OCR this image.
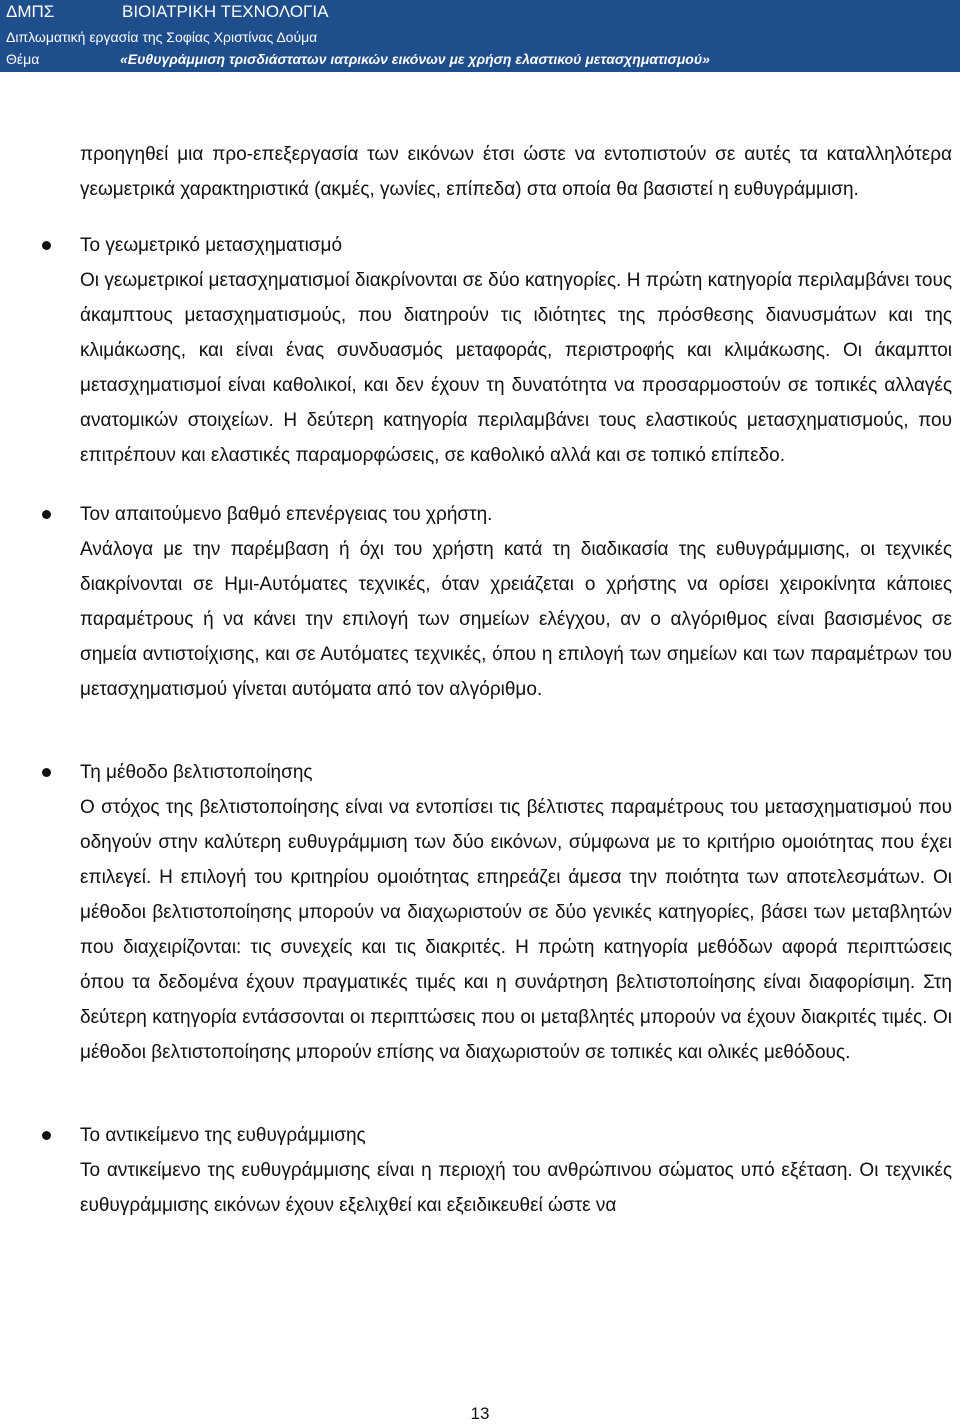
ΔΜΠΣ	ΒΙΟΙΑΤΡΙΚΗ ΤΕΧΝΟΛΟΓΙΑ
Διπλωματική εργασία της Σοφίας Χριστίνας Δούμα
Θέμα	«Ευθυγράμμιση τρισδιάστατων ιατρικών εικόνων με χρήση ελαστικού μετασχηματισμού»

προηγηθεί μια προ-επεξεργασία των εικόνων έτσι ώστε να εντοπιστούν σε αυτές τα καταλληλότερα γεωμετρικά χαρακτηριστικά (ακμές, γωνίες, επίπεδα) στα οποία θα βασιστεί η ευθυγράμμιση.

Το γεωμετρικό μετασχηματισμό

Οι γεωμετρικοί μετασχηματισμοί διακρίνονται σε δύο κατηγορίες. Η πρώτη κατηγορία περιλαμβάνει τους άκαμπτους μετασχηματισμούς, που διατηρούν τις ιδιότητες της πρόσθεσης διανυσμάτων και της κλιμάκωσης, και είναι ένας συνδυασμός μεταφοράς, περιστροφής και κλιμάκωσης. Οι άκαμπτοι μετασχηματισμοί είναι καθολικοί, και δεν έχουν τη δυνατότητα να προσαρμοστούν σε τοπικές αλλαγές ανατομικών στοιχείων. Η δεύτερη κατηγορία περιλαμβάνει τους ελαστικούς μετασχηματισμούς, που επιτρέπουν και ελαστικές παραμορφώσεις, σε καθολικό αλλά και σε τοπικό επίπεδο.

Τον απαιτούμενο βαθμό επενέργειας του χρήστη.

Ανάλογα με την παρέμβαση ή όχι του χρήστη κατά τη διαδικασία της ευθυγράμμισης, οι τεχνικές διακρίνονται σε Ημι-Αυτόματες τεχνικές, όταν χρειάζεται ο χρήστης να ορίσει χειροκίνητα κάποιες παραμέτρους ή να κάνει την επιλογή των σημείων ελέγχου, αν ο αλγόριθμος είναι βασισμένος σε σημεία αντιστοίχισης, και σε Αυτόματες τεχνικές, όπου η επιλογή των σημείων και των παραμέτρων του μετασχηματισμού γίνεται αυτόματα από τον αλγόριθμο.

Τη μέθοδο βελτιστοποίησης

Ο στόχος της βελτιστοποίησης είναι να εντοπίσει τις βέλτιστες παραμέτρους του μετασχηματισμού που οδηγούν στην καλύτερη ευθυγράμμιση των δύο εικόνων, σύμφωνα με το κριτήριο ομοιότητας που έχει επιλεγεί. Η επιλογή του κριτηρίου ομοιότητας επηρεάζει άμεσα την ποιότητα των αποτελεσμάτων. Οι μέθοδοι βελτιστοποίησης μπορούν να διαχωριστούν σε δύο γενικές κατηγορίες, βάσει των μεταβλητών που διαχειρίζονται: τις συνεχείς και τις διακριτές. Η πρώτη κατηγορία μεθόδων αφορά περιπτώσεις όπου τα δεδομένα έχουν πραγματικές τιμές και η συνάρτηση βελτιστοποίησης είναι διαφορίσιμη. Στη δεύτερη κατηγορία εντάσσονται οι περιπτώσεις που οι μεταβλητές μπορούν να έχουν διακριτές τιμές. Οι μέθοδοι βελτιστοποίησης μπορούν επίσης να διαχωριστούν σε τοπικές και ολικές μεθόδους.

Το αντικείμενο της ευθυγράμμισης

Το αντικείμενο της ευθυγράμμισης είναι η περιοχή του ανθρώπινου σώματος υπό εξέταση. Οι τεχνικές ευθυγράμμισης εικόνων έχουν εξελιχθεί και εξειδικευθεί ώστε να

13
